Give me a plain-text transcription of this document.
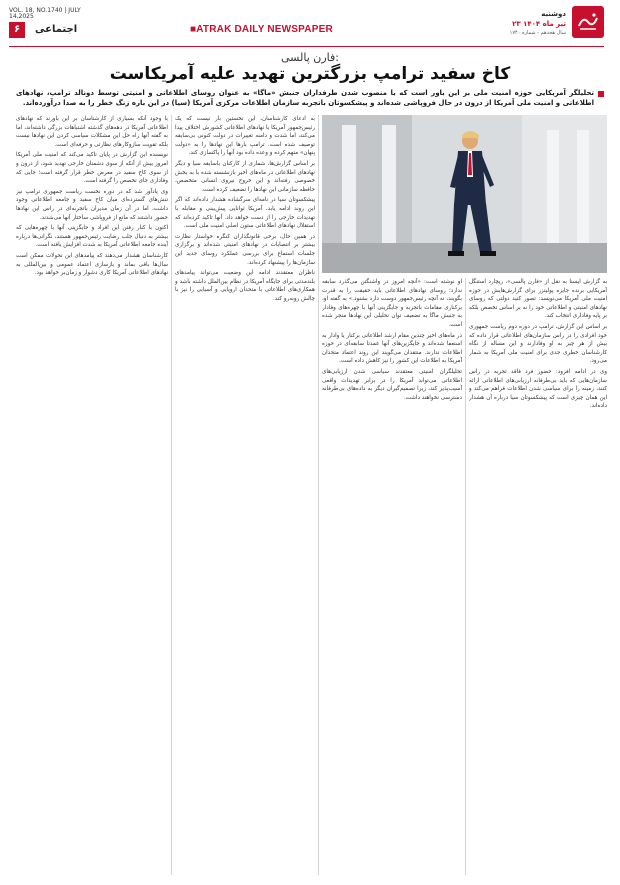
VOL. 18, NO.1740 | JULY 14,2025
۶	اجتماعی	■ATRAK DAILY NEWSPAPER
دوشنبه
۲۳ تیر ماه ۱۴۰۴
سال هجدهم - شماره ۱۷۴۰
فارن پالسی:
کاخ سفید ترامپ بزرگترین تهدید علیه آمریکاست
تحلیلگر آمریکایی حوزه امنیت ملی بر این باور است که با منصوب شدن طرفداران جنبش «ماگا» به عنوان روسای اطلاعاتی و امنیتی توسط دونالد ترامپ، نهادهای اطلاعاتی و امنیت ملی آمریکا از درون در حال فروپاشی شده‌اند و پیشکسوتان باتجربه سازمان اطلاعات مرکزی آمریکا (سیا) در این باره زنگ خطر را به صدا درآورده‌اند.

به گزارش ایسنا به نقل از «فارن پالسی»، ریچارد استنگل آمریکایی برنده جایزه پولیتزر برای گزارش‌هایش در حوزه امنیت ملی آمریکا می‌نویسد: تصور کنید دولتی که روسای نهادهای امنیتی و اطلاعاتی خود را نه بر اساس تخصص بلکه بر پایه وفاداری انتخاب کند.

بر اساس این گزارش، ترامپ در دوره دوم ریاست جمهوری خود افرادی را در راس سازمان‌های اطلاعاتی قرار داده که بیش از هر چیز به او وفادارند و این مساله از نگاه کارشناسان خطری جدی برای امنیت ملی آمریکا به شمار می‌رود.

وی در ادامه افزود: حضور فرد فاقد تجربه در راس سازمان‌هایی که باید بی‌طرفانه ارزیابی‌های اطلاعاتی ارائه کنند، زمینه را برای سیاسی شدن اطلاعات فراهم می‌کند و این همان چیزی است که پیشکسوتان سیا درباره آن هشدار داده‌اند.

او نوشته است: «آنچه امروز در واشنگتن می‌گذرد سابقه ندارد؛ روسای نهادهای اطلاعاتی باید حقیقت را به قدرت بگویند، نه آنچه رئیس‌جمهور دوست دارد بشنود.» به گفته او، برکناری مقامات باتجربه و جایگزینی آنها با چهره‌های وفادار به جنبش ماگا به تضعیف توان تحلیلی این نهادها منجر شده است.

در ماه‌های اخیر چندین مقام ارشد اطلاعاتی برکنار یا وادار به استعفا شده‌اند و جایگزین‌های آنها عمدتا سابقه‌ای در حوزه اطلاعات ندارند. منتقدان می‌گویند این روند اعتماد متحدان آمریکا به اطلاعات این کشور را نیز کاهش داده است.

تحلیلگران امنیتی معتقدند سیاسی شدن ارزیابی‌های اطلاعاتی می‌تواند آمریکا را در برابر تهدیدات واقعی آسیب‌پذیر کند، زیرا تصمیم‌گیران دیگر به داده‌های بی‌طرفانه دسترسی نخواهند داشت.

به ادعای کارشناسان، این نخستین بار نیست که یک رئیس‌جمهور آمریکا با نهادهای اطلاعاتی کشورش اختلاف پیدا می‌کند، اما شدت و دامنه تغییرات در دولت کنونی بی‌سابقه توصیف شده است. ترامپ بارها این نهادها را به «دولت پنهان» متهم کرده و وعده داده بود آنها را پاکسازی کند.

بر اساس گزارش‌ها، شماری از کارکنان باسابقه سیا و دیگر نهادهای اطلاعاتی در ماه‌های اخیر بازنشسته شده یا به بخش خصوصی رفته‌اند و این خروج نیروی انسانی متخصص، حافظه سازمانی این نهادها را تضعیف کرده است.

پیشکسوتان سیا در نامه‌ای سرگشاده هشدار داده‌اند که اگر این روند ادامه یابد، آمریکا توانایی پیش‌بینی و مقابله با تهدیدات خارجی را از دست خواهد داد. آنها تاکید کرده‌اند که استقلال نهادهای اطلاعاتی ستون اصلی امنیت ملی است.

در همین حال، برخی قانونگذاران کنگره خواستار نظارت بیشتر بر انتصابات در نهادهای امنیتی شده‌اند و برگزاری جلسات استماع برای بررسی عملکرد روسای جدید این سازمان‌ها را پیشنهاد کرده‌اند.

ناظران معتقدند ادامه این وضعیت می‌تواند پیامدهای بلندمدتی برای جایگاه آمریکا در نظام بین‌الملل داشته باشد و همکاری‌های اطلاعاتی با متحدان اروپایی و آسیایی را نیز با چالش روبه‌رو کند.

با وجود آنکه بسیاری از کارشناسان بر این باورند که نهادهای اطلاعاتی آمریکا در دهه‌های گذشته اشتباهات بزرگی داشته‌اند، اما به گفته آنها راه حل این مشکلات سیاسی کردن این نهادها نیست بلکه تقویت سازوکارهای نظارتی و حرفه‌ای است.

نویسنده این گزارش در پایان تاکید می‌کند که امنیت ملی آمریکا امروز بیش از آنکه از سوی دشمنان خارجی تهدید شود، از درون و از سوی کاخ سفید در معرض خطر قرار گرفته است؛ جایی که وفاداری جای تخصص را گرفته است.

وی یادآور شد که در دوره نخست ریاست جمهوری ترامپ نیز تنش‌های گسترده‌ای میان کاخ سفید و جامعه اطلاعاتی وجود داشت، اما در آن زمان مدیران باتجربه‌ای در راس این نهادها حضور داشتند که مانع از فروپاشی ساختار آنها می‌شدند.

اکنون با کنار رفتن این افراد و جایگزینی آنها با چهره‌هایی که بیشتر به دنبال جلب رضایت رئیس‌جمهور هستند، نگرانی‌ها درباره آینده جامعه اطلاعاتی آمریکا به شدت افزایش یافته است.

کارشناسان هشدار می‌دهند که پیامدهای این تحولات ممکن است سال‌ها باقی بماند و بازسازی اعتماد عمومی و بین‌المللی به نهادهای اطلاعاتی آمریکا کاری دشوار و زمان‌بر خواهد بود.
